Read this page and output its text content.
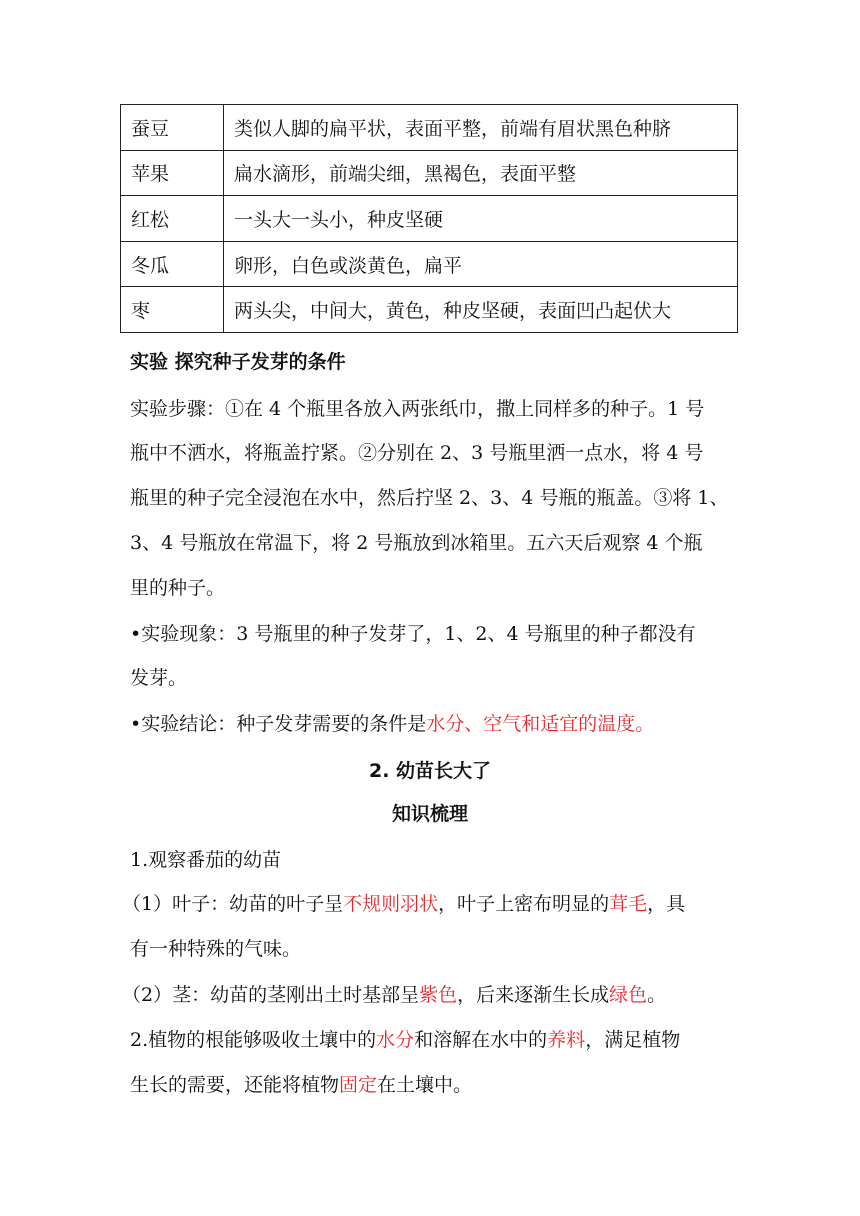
蚕豆	类似人脚的扁平状，表面平整，前端有眉状黑色种脐
苹果	扁水滴形，前端尖细，黑褐色，表面平整
红松	一头大一头小，种皮坚硬
冬瓜	卵形，白色或淡黄色，扁平
枣	两头尖，中间大，黄色，种皮坚硬，表面凹凸起伏大
实验 探究种子发芽的条件
实验步骤：①在 4 个瓶里各放入两张纸巾，撒上同样多的种子。1 号
瓶中不洒水，将瓶盖拧紧。②分别在 2、3 号瓶里洒一点水，将 4 号
瓶里的种子完全浸泡在水中，然后拧坚 2、3、4 号瓶的瓶盖。③将 1、
3、4 号瓶放在常温下，将 2 号瓶放到冰箱里。五六天后观察 4 个瓶
里的种子。
•实验现象：3 号瓶里的种子发芽了，1、2、4 号瓶里的种子都没有
发芽。
•实验结论：种子发芽需要的条件是水分、空气和适宜的温度。
2. 幼苗长大了
知识梳理
1.观察番茄的幼苗
（1）叶子：幼苗的叶子呈不规则羽状，叶子上密布明显的茸毛，具
有一种特殊的气味。
（2）茎：幼苗的茎刚出土时基部呈紫色，后来逐渐生长成绿色。
2.植物的根能够吸收土壤中的水分和溶解在水中的养料，满足植物
生长的需要，还能将植物固定在土壤中。
